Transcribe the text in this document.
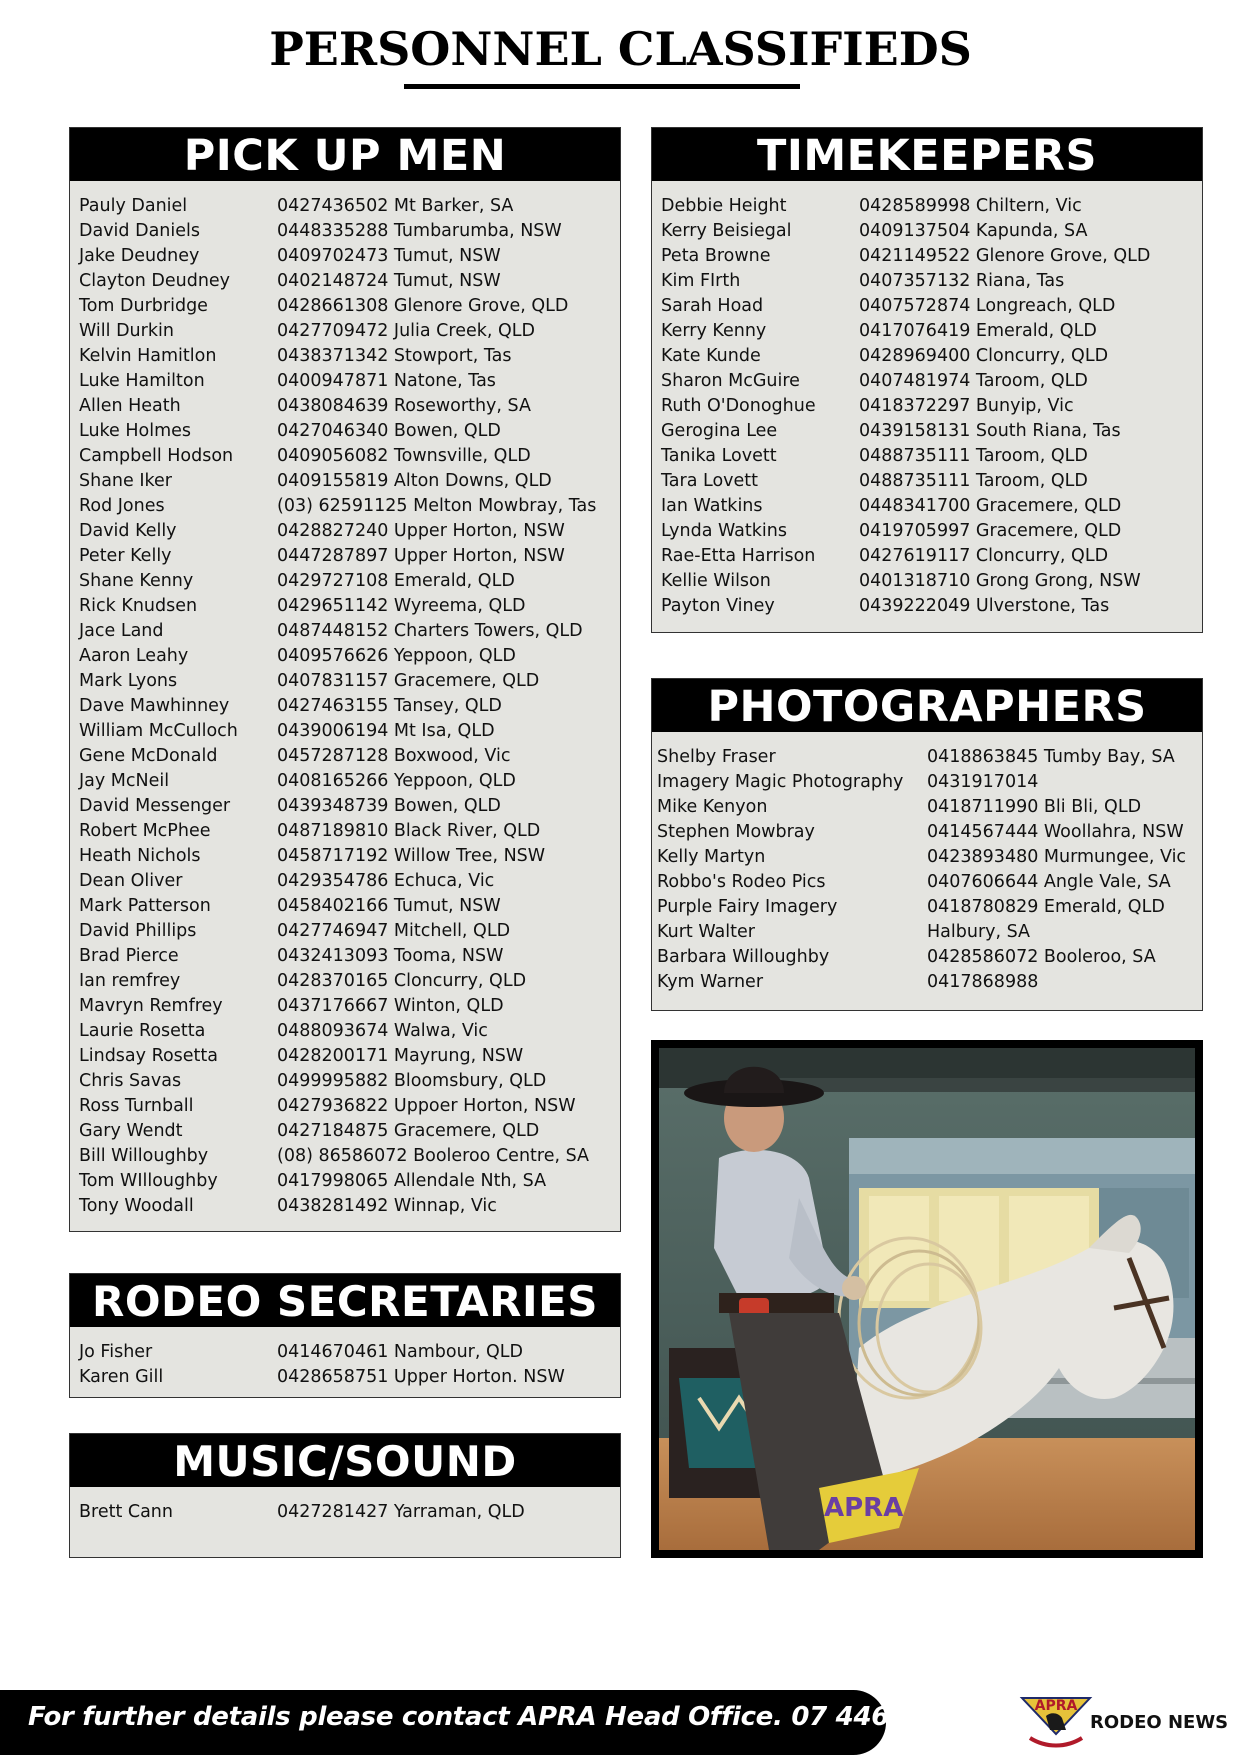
PERSONNEL CLASSIFIEDS
PICK UP MEN
Pauly Daniel	0427436502 Mt Barker, SA
David Daniels	0448335288 Tumbarumba, NSW
Jake Deudney	0409702473 Tumut, NSW
Clayton Deudney	0402148724 Tumut, NSW
Tom Durbridge	0428661308 Glenore Grove, QLD
Will Durkin	0427709472 Julia Creek, QLD
Kelvin Hamitlon	0438371342 Stowport, Tas
Luke Hamilton	0400947871 Natone, Tas
Allen Heath	0438084639 Roseworthy, SA
Luke Holmes	0427046340 Bowen, QLD
Campbell Hodson	0409056082 Townsville, QLD
Shane Iker	0409155819 Alton Downs, QLD
Rod Jones	(03) 62591125 Melton Mowbray, Tas
David Kelly	0428827240 Upper Horton, NSW
Peter Kelly	0447287897 Upper Horton, NSW
Shane Kenny	0429727108 Emerald, QLD
Rick Knudsen	0429651142 Wyreema, QLD
Jace Land	0487448152 Charters Towers, QLD
Aaron Leahy	0409576626 Yeppoon, QLD
Mark Lyons	0407831157 Gracemere, QLD
Dave Mawhinney	0427463155 Tansey, QLD
William McCulloch	0439006194 Mt Isa, QLD
Gene McDonald	0457287128 Boxwood, Vic
Jay McNeil	0408165266 Yeppoon, QLD
David Messenger	0439348739 Bowen, QLD
Robert McPhee	0487189810 Black River, QLD
Heath Nichols	0458717192 Willow Tree, NSW
Dean Oliver	0429354786 Echuca, Vic
Mark Patterson	0458402166 Tumut, NSW
David Phillips	0427746947 Mitchell, QLD
Brad Pierce	0432413093 Tooma, NSW
Ian remfrey	0428370165 Cloncurry, QLD
Mavryn Remfrey	0437176667 Winton, QLD
Laurie Rosetta	0488093674 Walwa, Vic
Lindsay Rosetta	0428200171 Mayrung, NSW
Chris Savas	0499995882 Bloomsbury, QLD
Ross Turnball	0427936822 Uppoer Horton, NSW
Gary Wendt	0427184875 Gracemere, QLD
Bill Willoughby	(08) 86586072 Booleroo Centre, SA
Tom WIlloughby	0417998065 Allendale Nth, SA
Tony Woodall	0438281492 Winnap, Vic
TIMEKEEPERS
Debbie Height	0428589998 Chiltern, Vic
Kerry Beisiegal	0409137504 Kapunda, SA
Peta Browne	0421149522 Glenore Grove, QLD
Kim FIrth	0407357132 Riana, Tas
Sarah Hoad	0407572874 Longreach, QLD
Kerry Kenny	0417076419 Emerald, QLD
Kate Kunde	0428969400 Cloncurry, QLD
Sharon McGuire	0407481974 Taroom, QLD
Ruth O'Donoghue	0418372297 Bunyip, Vic
Gerogina Lee	0439158131 South Riana, Tas
Tanika Lovett	0488735111 Taroom, QLD
Tara Lovett	0488735111 Taroom, QLD
Ian Watkins	0448341700 Gracemere, QLD
Lynda Watkins	0419705997 Gracemere, QLD
Rae-Etta Harrison	0427619117 Cloncurry, QLD
Kellie Wilson	0401318710 Grong Grong, NSW
Payton Viney	0439222049 Ulverstone, Tas
PHOTOGRAPHERS
Shelby Fraser	0418863845 Tumby Bay, SA
Imagery Magic Photography	0431917014
Mike Kenyon	0418711990 Bli Bli, QLD
Stephen Mowbray	0414567444 Woollahra, NSW
Kelly Martyn	0423893480 Murmungee, Vic
Robbo's Rodeo Pics	0407606644 Angle Vale, SA
Purple Fairy Imagery	0418780829 Emerald, QLD
Kurt Walter	Halbury, SA
Barbara Willoughby	0428586072 Booleroo, SA
Kym Warner	0417868988
RODEO SECRETARIES
Jo Fisher	0414670461 Nambour, QLD
Karen Gill	0428658751 Upper Horton. NSW
MUSIC/SOUND
Brett Cann	0427281427 Yarraman, QLD	APRA
For further details please contact APRA Head Office. 07 4461 8183	APRA
RODEO NEWS
